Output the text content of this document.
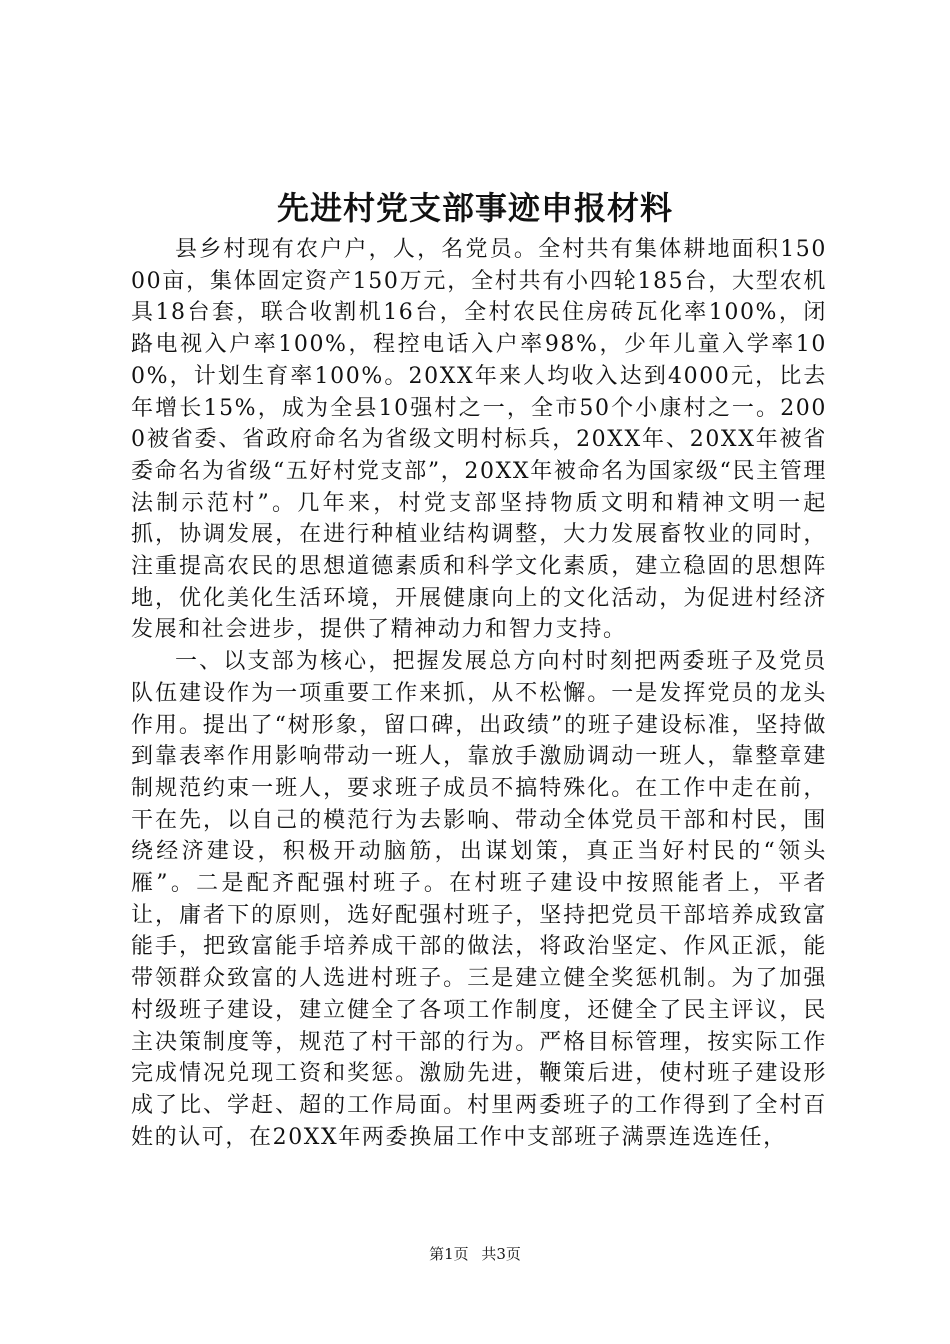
先进村党支部事迹申报材料

县乡村现有农户户，人，名党员。全村共有集体耕地面积15000亩，集体固定资产150万元，全村共有小四轮185台，大型农机具18台套，联合收割机16台，全村农民住房砖瓦化率100%，闭路电视入户率100%，程控电话入户率98%，少年儿童入学率100%，计划生育率100%。20XX年来人均收入达到4000元，比去年增长15%，成为全县10强村之一，全市50个小康村之一。2000被省委、省政府命名为省级文明村标兵，20XX年、20XX年被省委命名为省级“五好村党支部”，20XX年被命名为国家级“民主管理法制示范村”。几年来，村党支部坚持物质文明和精神文明一起抓，协调发展，在进行种植业结构调整，大力发展畜牧业的同时，注重提高农民的思想道德素质和科学文化素质，建立稳固的思想阵地，优化美化生活环境，开展健康向上的文化活动，为促进村经济发展和社会进步，提供了精神动力和智力支持。

一、以支部为核心，把握发展总方向村时刻把两委班子及党员队伍建设作为一项重要工作来抓，从不松懈。一是发挥党员的龙头作用。提出了“树形象，留口碑，出政绩”的班子建设标准，坚持做到靠表率作用影响带动一班人，靠放手激励调动一班人，靠整章建制规范约束一班人，要求班子成员不搞特殊化。在工作中走在前，干在先，以自己的模范行为去影响、带动全体党员干部和村民，围绕经济建设，积极开动脑筋，出谋划策，真正当好村民的“领头雁”。二是配齐配强村班子。在村班子建设中按照能者上，平者让，庸者下的原则，选好配强村班子，坚持把党员干部培养成致富能手，把致富能手培养成干部的做法，将政治坚定、作风正派，能带领群众致富的人选进村班子。三是建立健全奖惩机制。为了加强村级班子建设，建立健全了各项工作制度，还健全了民主评议，民主决策制度等，规范了村干部的行为。严格目标管理，按实际工作完成情况兑现工资和奖惩。激励先进，鞭策后进，使村班子建设形成了比、学赶、超的工作局面。村里两委班子的工作得到了全村百姓的认可，在20XX年两委换届工作中支部班子满票连选连任，

第1页 共3页
